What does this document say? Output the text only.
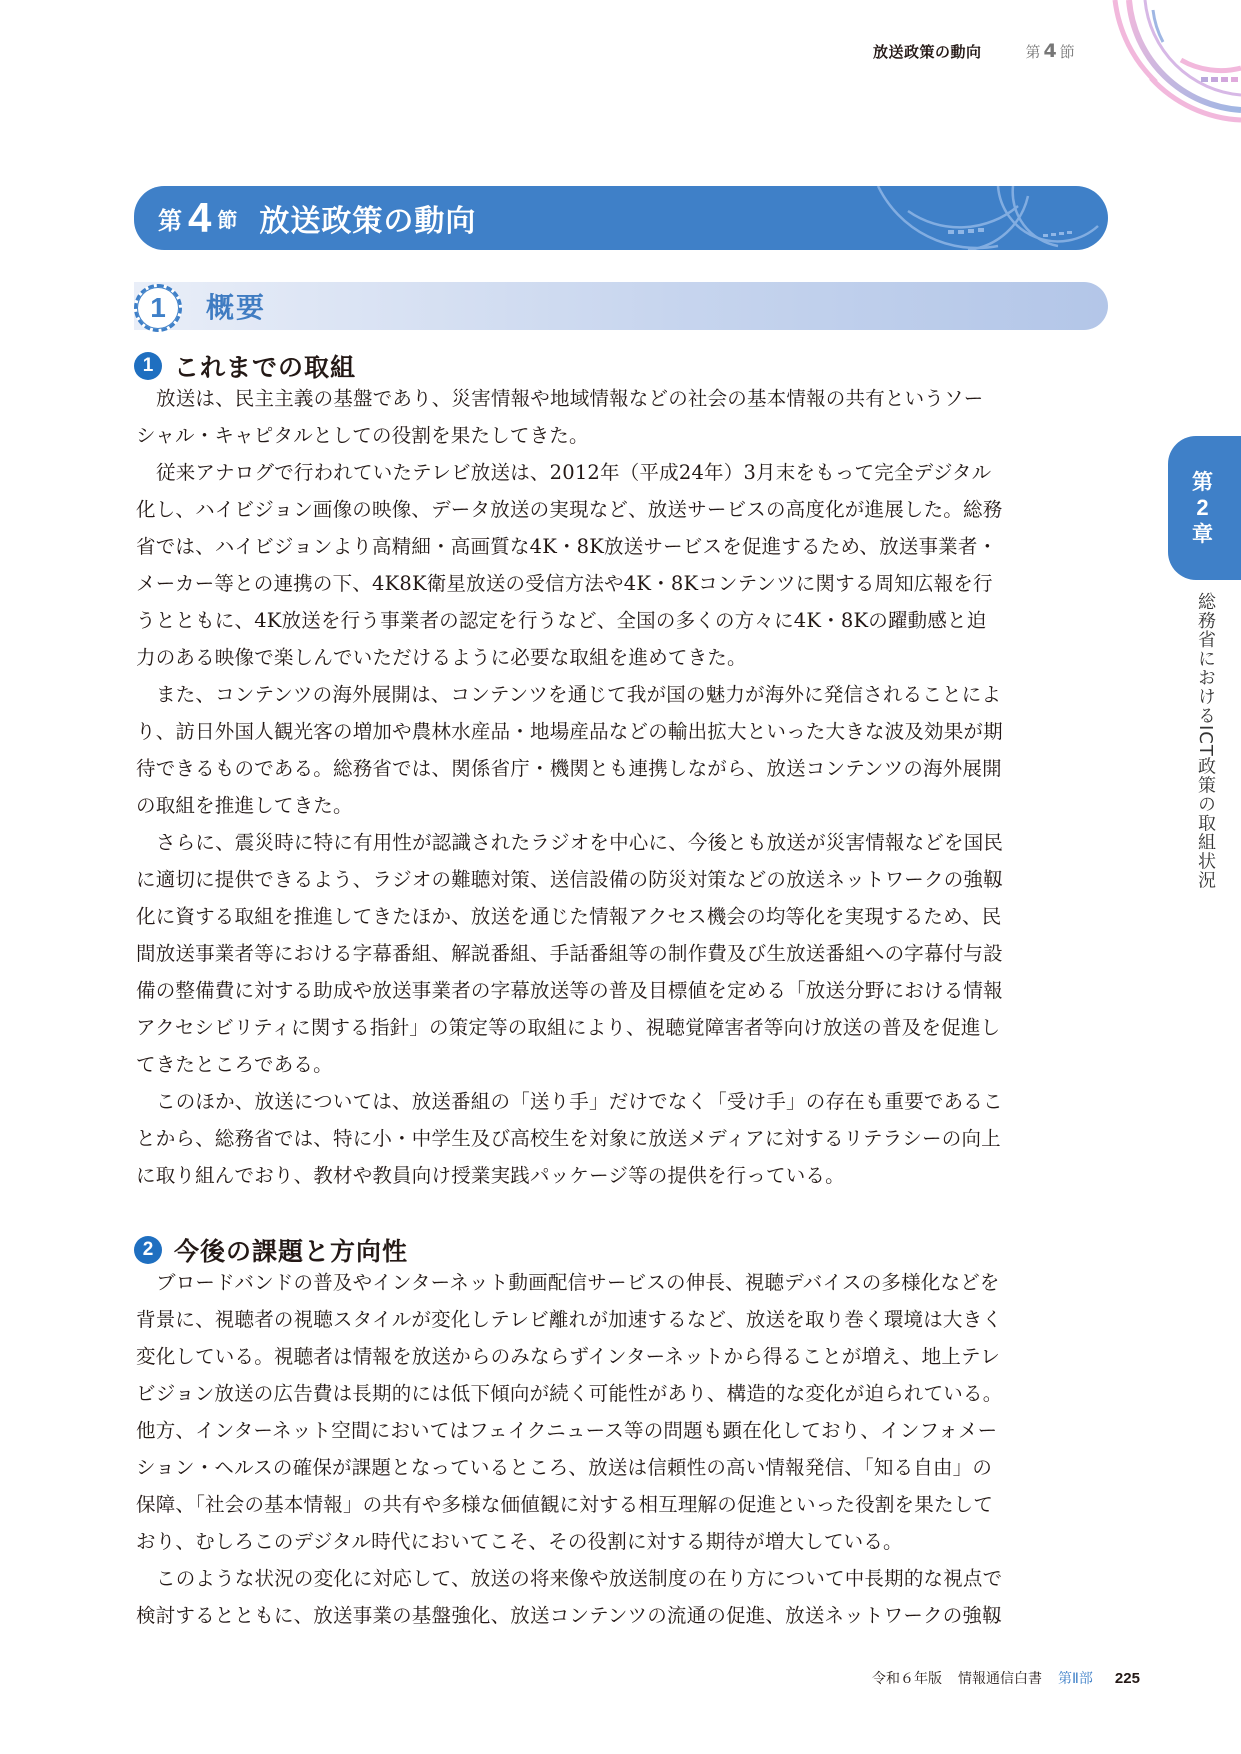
放送政策の動向	第 4 節
第 4 節 放送政策の動向
概要
1
1 これまでの取組
放送は、民主主義の基盤であり、災害情報や地域情報などの社会の基本情報の共有というソー
シャル・キャピタルとしての役割を果たしてきた。
従来アナログで行われていたテレビ放送は、2012年（平成24年）3月末をもって完全デジタル
化し、ハイビジョン画像の映像、データ放送の実現など、放送サービスの高度化が進展した。総務
省では、ハイビジョンより高精細・高画質な4K・8K放送サービスを促進するため、放送事業者・
メーカー等との連携の下、4K8K衛星放送の受信方法や4K・8Kコンテンツに関する周知広報を行
うとともに、4K放送を行う事業者の認定を行うなど、全国の多くの方々に4K・8Kの躍動感と迫
力のある映像で楽しんでいただけるように必要な取組を進めてきた。
また、コンテンツの海外展開は、コンテンツを通じて我が国の魅力が海外に発信されることによ
り、訪日外国人観光客の増加や農林水産品・地場産品などの輸出拡大といった大きな波及効果が期
待できるものである。総務省では、関係省庁・機関とも連携しながら、放送コンテンツの海外展開
の取組を推進してきた。
さらに、震災時に特に有用性が認識されたラジオを中心に、今後とも放送が災害情報などを国民
に適切に提供できるよう、ラジオの難聴対策、送信設備の防災対策などの放送ネットワークの強靱
化に資する取組を推進してきたほか、放送を通じた情報アクセス機会の均等化を実現するため、民
間放送事業者等における字幕番組、解説番組、手話番組等の制作費及び生放送番組への字幕付与設
備の整備費に対する助成や放送事業者の字幕放送等の普及目標値を定める「放送分野における情報
アクセシビリティに関する指針」の策定等の取組により、視聴覚障害者等向け放送の普及を促進し
てきたところである。
このほか、放送については、放送番組の「送り手」だけでなく「受け手」の存在も重要であるこ
とから、総務省では、特に小・中学生及び高校生を対象に放送メディアに対するリテラシーの向上
に取り組んでおり、教材や教員向け授業実践パッケージ等の提供を行っている。
2 今後の課題と方向性
ブロードバンドの普及やインターネット動画配信サービスの伸長、視聴デバイスの多様化などを
背景に、視聴者の視聴スタイルが変化しテレビ離れが加速するなど、放送を取り巻く環境は大きく
変化している。視聴者は情報を放送からのみならずインターネットから得ることが増え、地上テレ
ビジョン放送の広告費は長期的には低下傾向が続く可能性があり、構造的な変化が迫られている。
他方、インターネット空間においてはフェイクニュース等の問題も顕在化しており、インフォメー
ション・ヘルスの確保が課題となっているところ、放送は信頼性の高い情報発信、「知る自由」の
保障、「社会の基本情報」の共有や多様な価値観に対する相互理解の促進といった役割を果たして
おり、むしろこのデジタル時代においてこそ、その役割に対する期待が増大している。
このような状況の変化に対応して、放送の将来像や放送制度の在り方について中長期的な視点で
検討するとともに、放送事業の基盤強化、放送コンテンツの流通の促進、放送ネットワークの強靱
第
2
章
総務省におけるICT政策の取組状況
令和６年版 情報通信白書 第Ⅱ部 225
